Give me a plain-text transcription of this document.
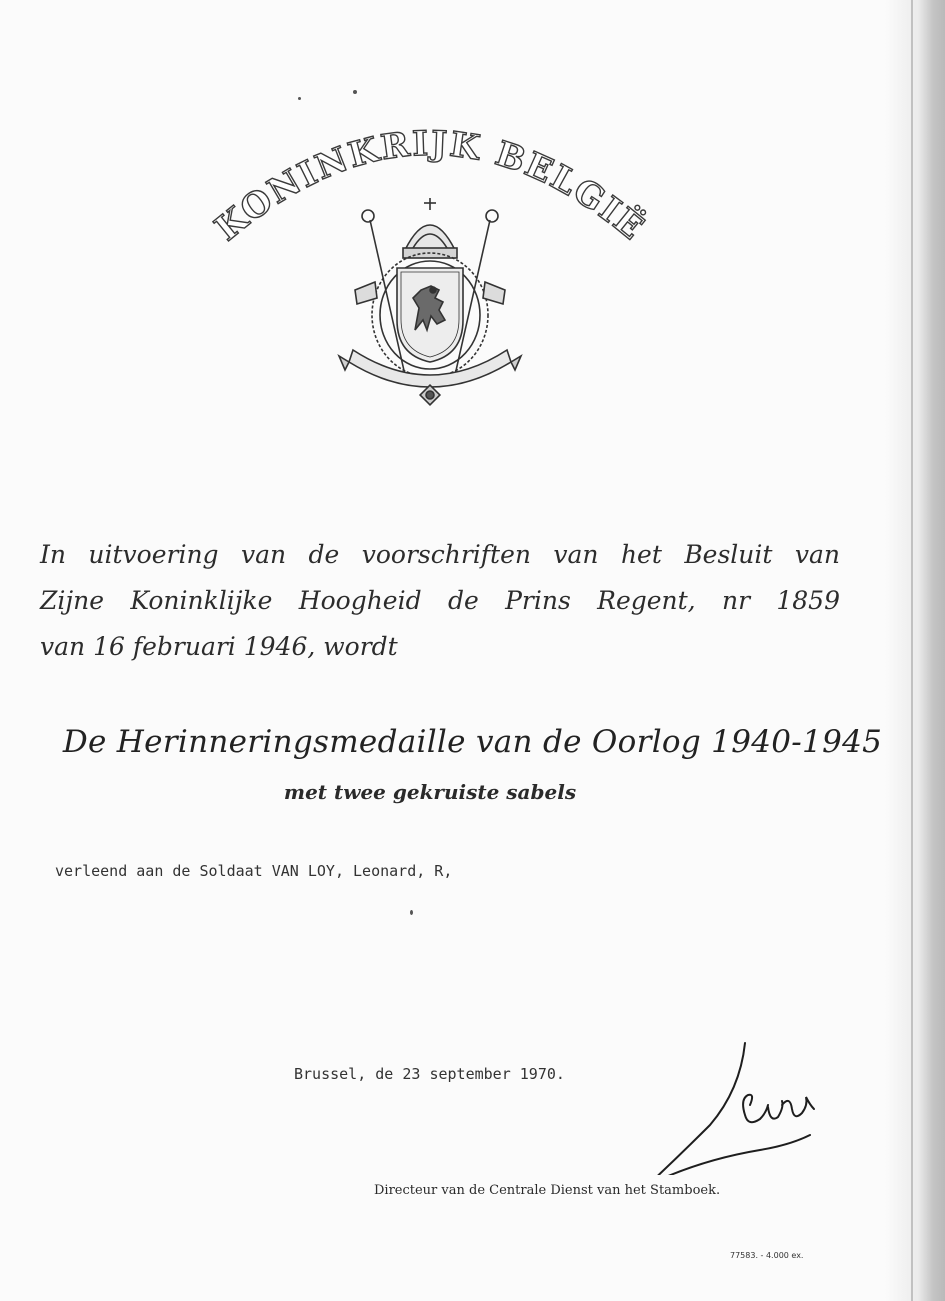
KONINKRIJK BELGIË

In uitvoering van de voorschriften van het Besluit van

Zijne Koninklijke Hoogheid de Prins Regent, nr 1859

van 16 februari 1946, wordt

De Herinneringsmedaille van de Oorlog 1940-1945

met twee gekruiste sabels

verleend aan de Soldaat VAN LOY, Leonard, R,

Brussel, de 23 september 1970.

Directeur van de Centrale Dienst van het Stamboek.

77583. - 4.000 ex.
